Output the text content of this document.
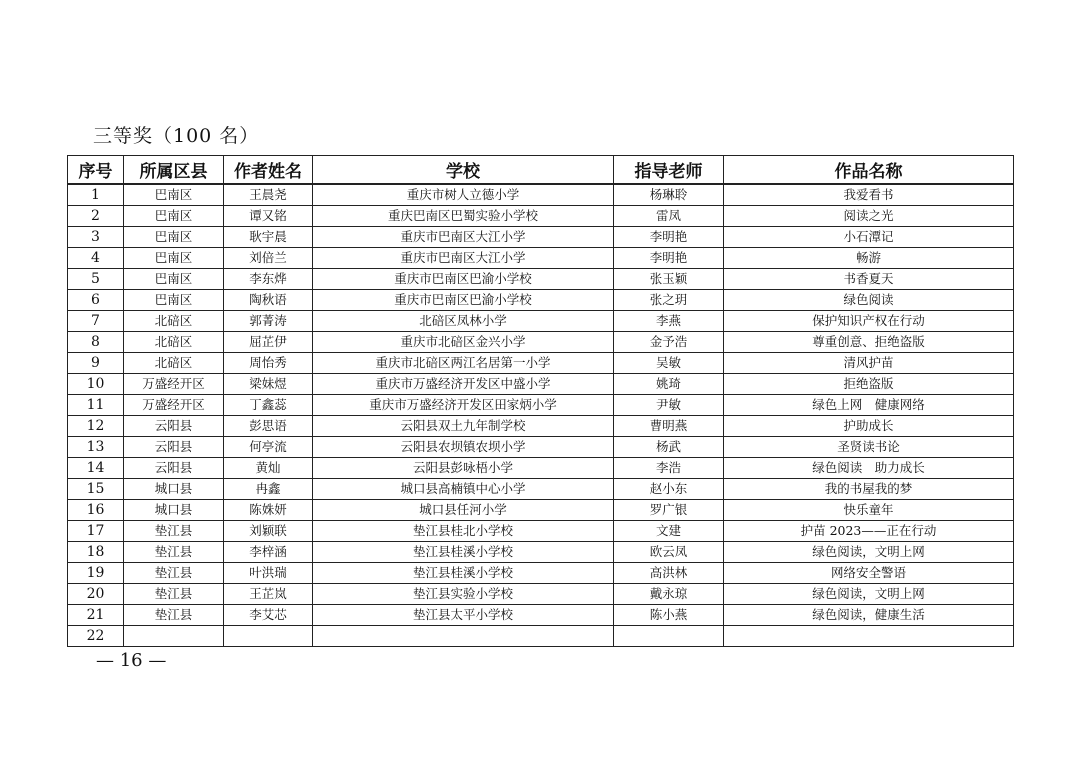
三等奖（100 名）
序号	所属区县	作者姓名	学校	指导老师	作品名称
1	巴南区	王晨尧	重庆市树人立德小学	杨琳聆	我爱看书
2	巴南区	谭又铭	重庆巴南区巴蜀实验小学校	雷凤	阅读之光
3	巴南区	耿宇晨	重庆市巴南区大江小学	李明艳	小石潭记
4	巴南区	刘倍兰	重庆市巴南区大江小学	李明艳	畅游
5	巴南区	李东烨	重庆市巴南区巴渝小学校	张玉颖	书香夏天
6	巴南区	陶秋语	重庆市巴南区巴渝小学校	张之玥	绿色阅读
7	北碚区	郭菁涛	北碚区凤林小学	李燕	保护知识产权在行动
8	北碚区	屈芷伊	重庆市北碚区金兴小学	金予浩	尊重创意、拒绝盗版
9	北碚区	周怡秀	重庆市北碚区两江名居第一小学	吴敏	清风护苗
10	万盛经开区	梁妹煜	重庆市万盛经济开发区中盛小学	姚琦	拒绝盗版
11	万盛经开区	丁鑫蕊	重庆市万盛经济开发区田家炳小学	尹敏	绿色上网　健康网络
12	云阳县	彭思语	云阳县双土九年制学校	曹明燕	护助成长
13	云阳县	何亭流	云阳县农坝镇农坝小学	杨武	圣贤读书论
14	云阳县	黄灿	云阳县彭咏梧小学	李浩	绿色阅读　助力成长
15	城口县	冉鑫	城口县高楠镇中心小学	赵小东	我的书屋我的梦
16	城口县	陈姝妍	城口县任河小学	罗广银	快乐童年
17	垫江县	刘颖联	垫江县桂北小学校	文建	护苗 2023——正在行动
18	垫江县	李梓涵	垫江县桂溪小学校	欧云凤	绿色阅读，文明上网
19	垫江县	叶洪瑞	垫江县桂溪小学校	高洪林	网络安全警语
20	垫江县	王芷岚	垫江县实验小学校	戴永琼	绿色阅读，文明上网
21	垫江县	李艾芯	垫江县太平小学校	陈小燕	绿色阅读，健康生活
22					
— 16 —
